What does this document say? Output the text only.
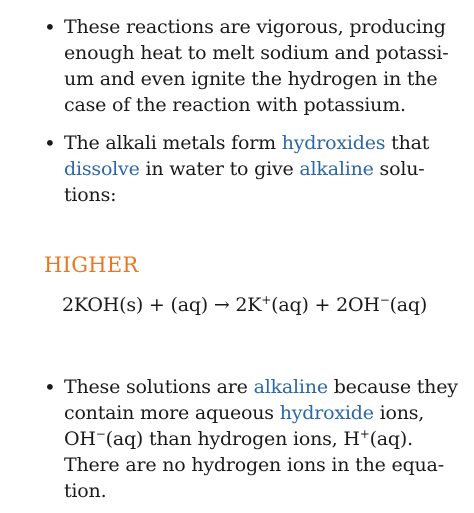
• These reactions are vigorous, producing
enough heat to melt sodium and potassi-
um and even ignite the hydrogen in the
case of the reaction with potassium.
• The alkali metals form hydroxides that
dissolve in water to give alkaline solu-
tions:
HIGHER
2KOH(s) + (aq) → 2K+(aq) + 2OH−(aq)
• These solutions are alkaline because they
contain more aqueous hydroxide ions,
OH−(aq) than hydrogen ions, H+(aq).
There are no hydrogen ions in the equa-
tion.
